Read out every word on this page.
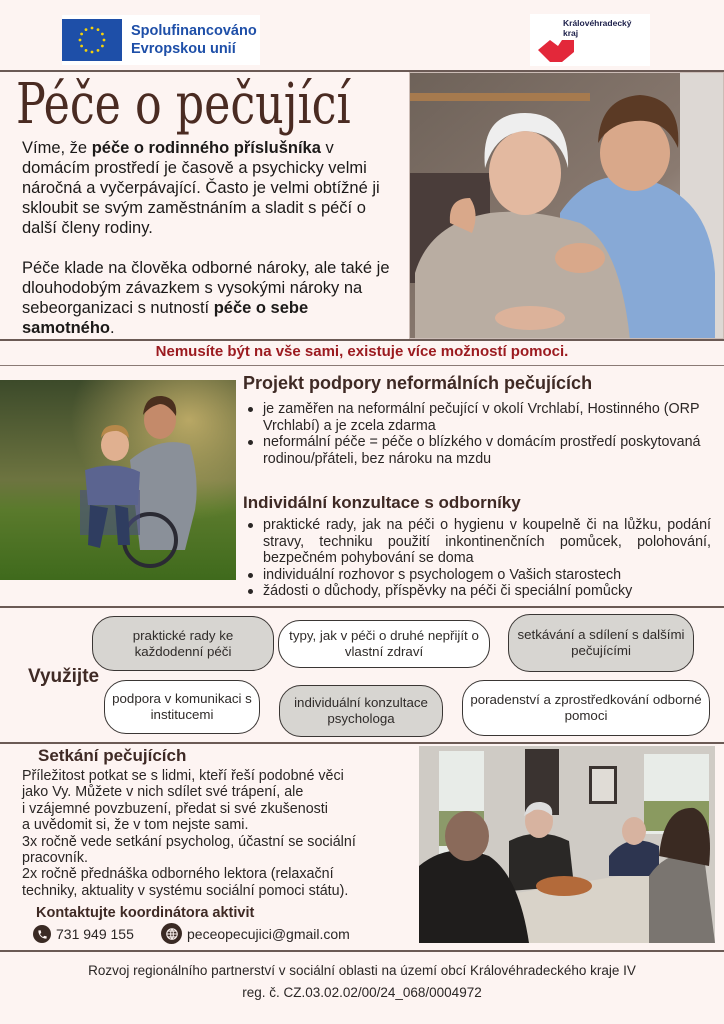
Spolufinancováno
Evropskou unií
Královéhradecký
kraj
Péče o pečující

Víme, že péče o rodinného příslušníka v domácím prostředí je časově a psychicky velmi náročná a vyčerpávající. Často je velmi obtížné ji skloubit se svým zaměstnáním a sladit s péčí o další členy rodiny.

Péče klade na člověka odborné nároky, ale také je dlouhodobým závazkem s vysokými nároky na sebeorganizaci s nutností péče o sebe samotného.

Nemusíte být na vše sami, existuje více možností pomoci.
Projekt podpory neformálních pečujících
je zaměřen na neformální pečující v okolí Vrchlabí, Hostinného (ORP Vrchlabí) a je zcela zdarma
neformální péče = péče o blízkého v domácím prostředí poskytovaná rodinou/přáteli, bez nároku na mzdu
Individální konzultace s odborníky
praktické rady, jak na péči o hygienu v koupelně či na lůžku, podání stravy, techniku použití inkontinenčních pomůcek, polohování, bezpečném pohybování se doma
individuální rozhovor s psychologem o Vašich starostech
žádosti o důchody, příspěvky na péči či speciální pomůcky
Využijte
praktické rady ke každodenní péči
typy, jak v péči o druhé nepřijít o vlastní zdraví
setkávání a sdílení s dalšími pečujícími
podpora v komunikaci s institucemi
individuální konzultace psychologa
poradenství a zprostředkování odborné pomoci
Setkání pečujících
Příležitost potkat se s lidmi, kteří řeší podobné věci
jako Vy. Můžete v nich sdílet své trápení, ale
i vzájemné povzbuzení, předat si své zkušenosti
a uvědomit si, že v tom nejste sami.
3x ročně vede setkání psycholog, účastní se sociální
pracovník.
2x ročně přednáška odborného lektora (relaxační
techniky, aktuality v systému sociální pomoci státu).
Kontaktujte koordinátora aktivit
731 949 155	peceopecujici@gmail.com
Rozvoj regionálního partnerství v sociální oblasti na území obcí Královéhradeckého kraje IV
reg. č. CZ.03.02.02/00/24_068/0004972
